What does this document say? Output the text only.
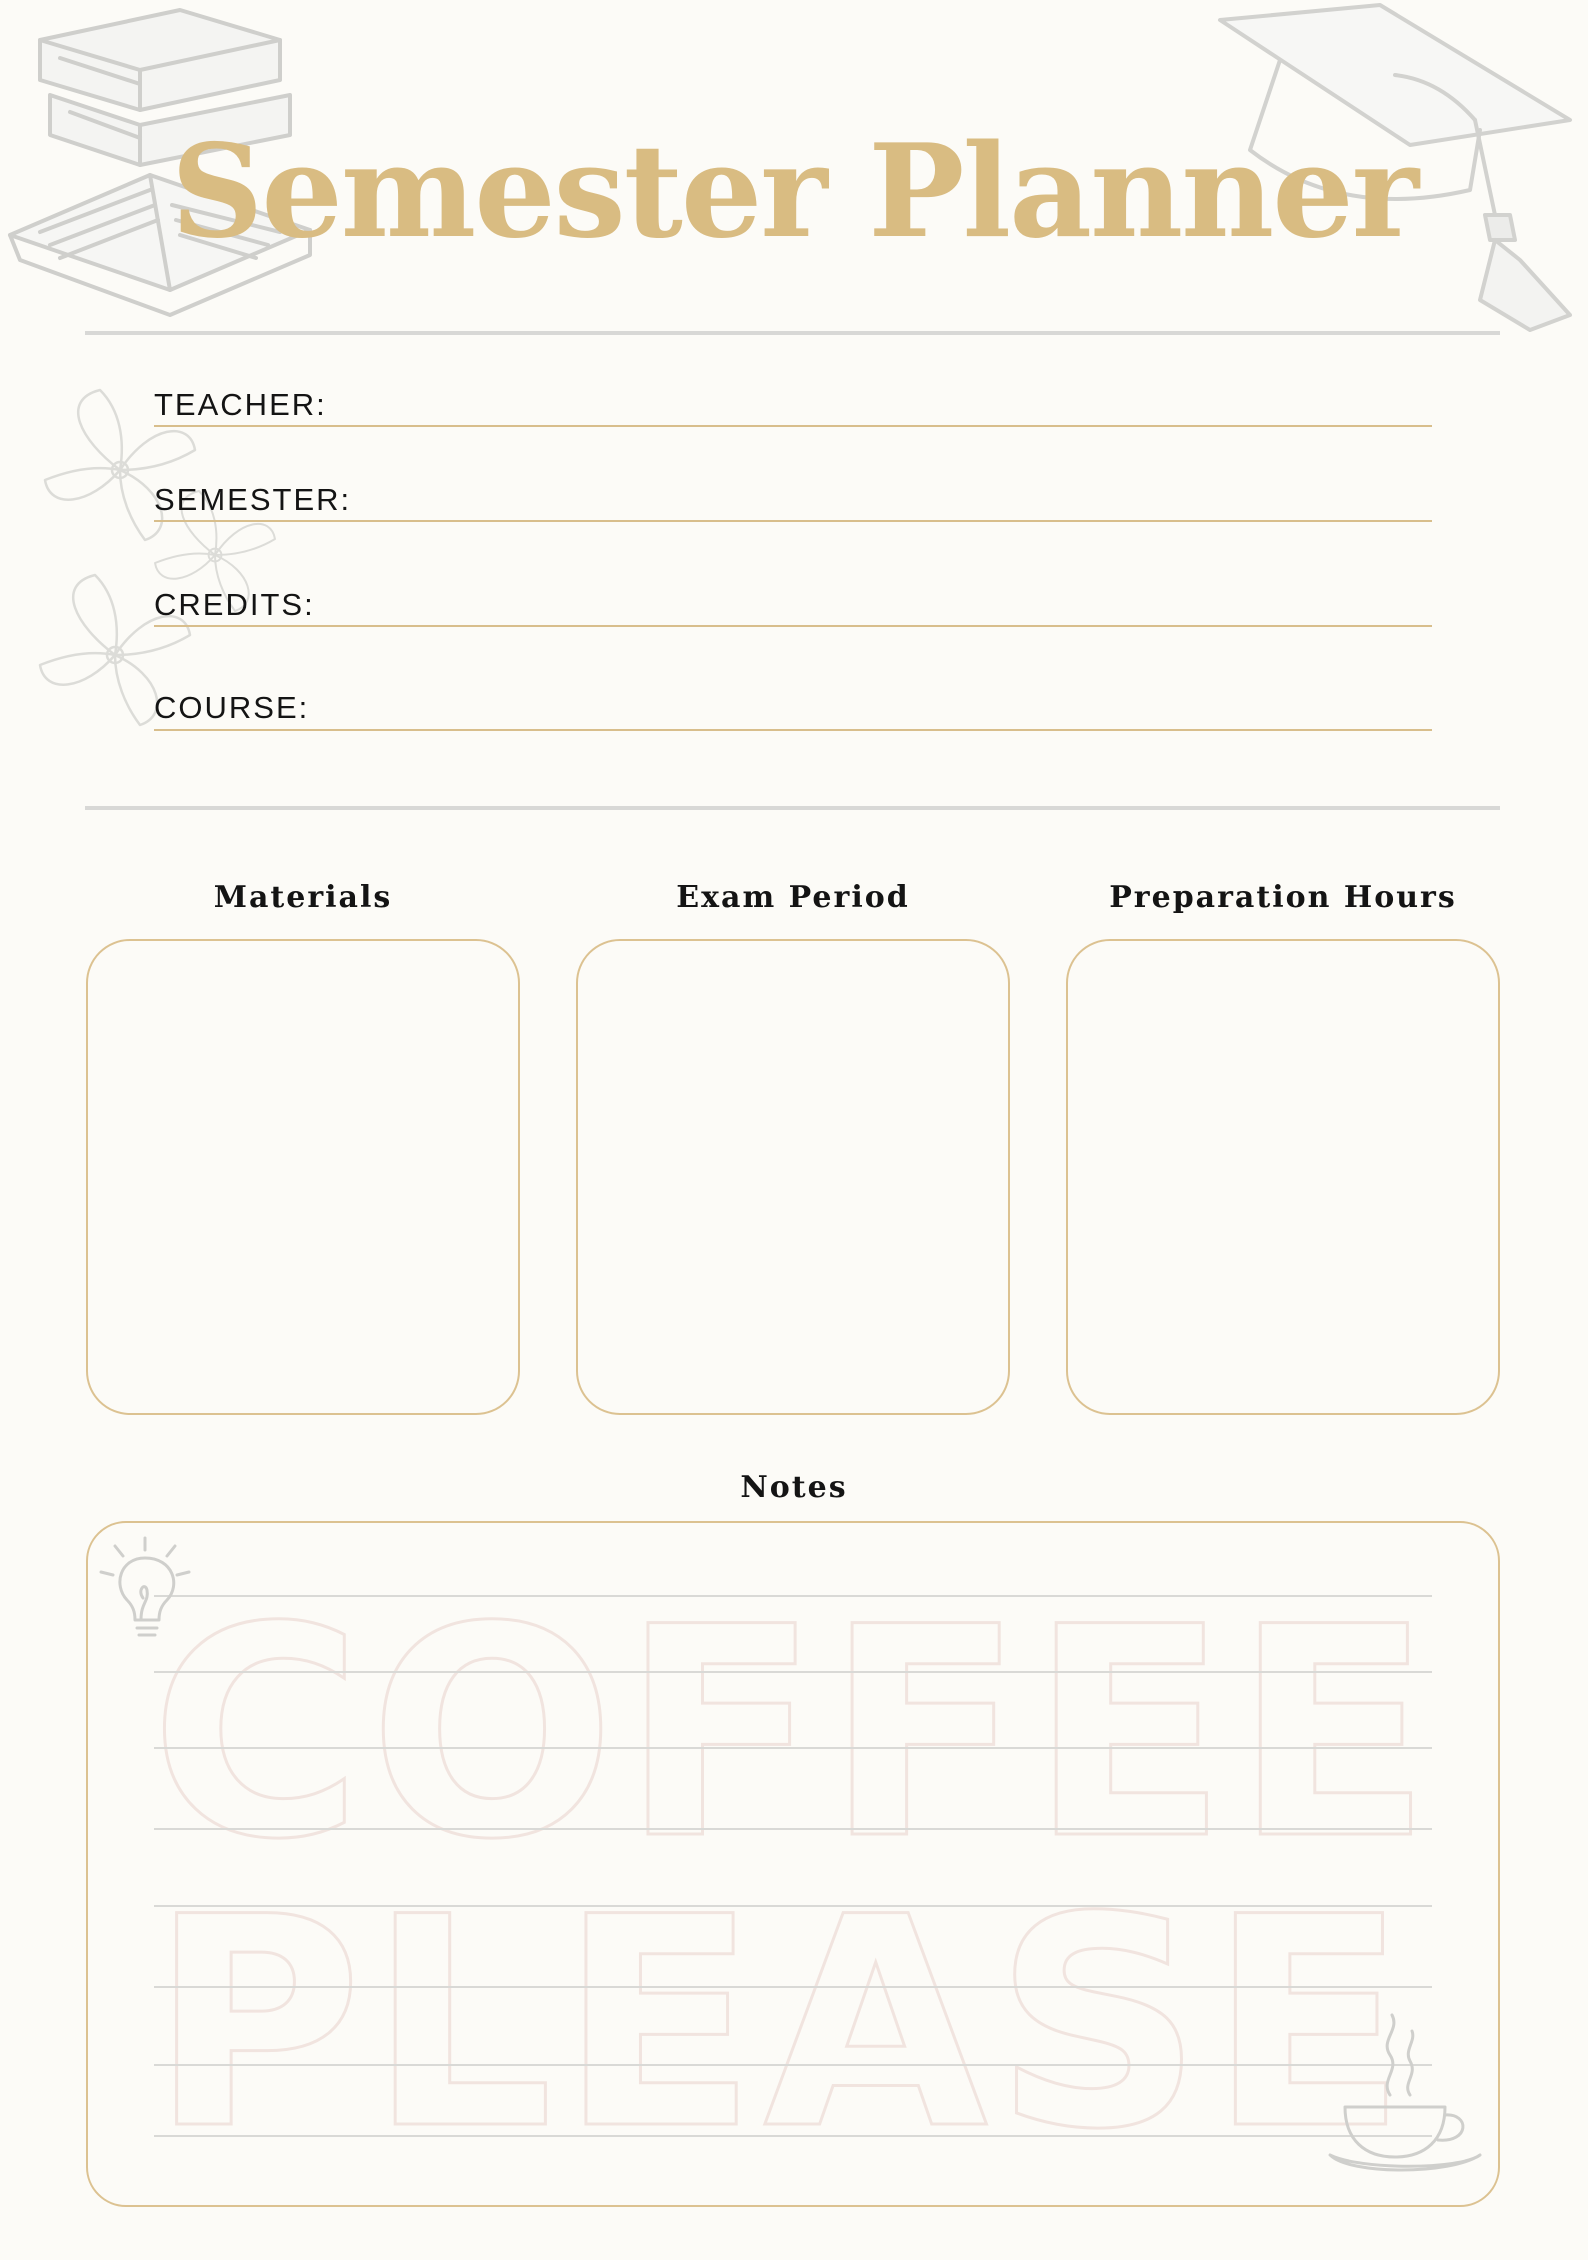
Semester Planner
TEACHER:
SEMESTER:
CREDITS:
COURSE:
Materials	Exam Period	Preparation Hours
Notes
COFFEE
PLEASE
